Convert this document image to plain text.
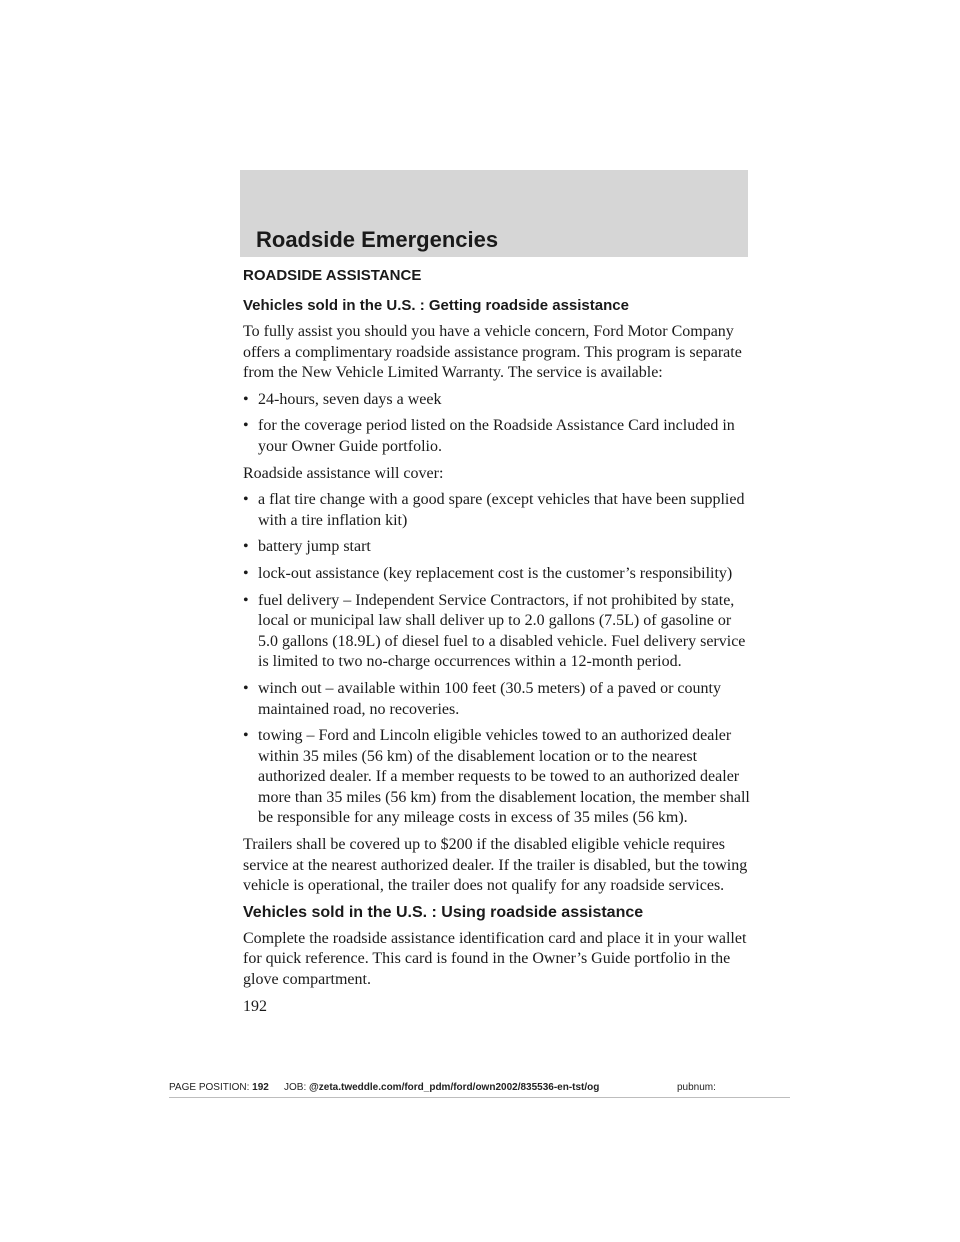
Roadside Emergencies
ROADSIDE ASSISTANCE
Vehicles sold in the U.S. : Getting roadside assistance

To fully assist you should you have a vehicle concern, Ford Motor Company offers a complimentary roadside assistance program. This program is separate from the New Vehicle Limited Warranty. The service is available:

• 24-hours, seven days a week
• for the coverage period listed on the Roadside Assistance Card included in your Owner Guide portfolio.

Roadside assistance will cover:

• a flat tire change with a good spare (except vehicles that have been supplied with a tire inflation kit)
• battery jump start
• lock-out assistance (key replacement cost is the customer’s responsibility)
• fuel delivery – Independent Service Contractors, if not prohibited by state, local or municipal law shall deliver up to 2.0 gallons (7.5L) of gasoline or 5.0 gallons (18.9L) of diesel fuel to a disabled vehicle. Fuel delivery service is limited to two no-charge occurrences within a 12-month period.
• winch out – available within 100 feet (30.5 meters) of a paved or county maintained road, no recoveries.
• towing – Ford and Lincoln eligible vehicles towed to an authorized dealer within 35 miles (56 km) of the disablement location or to the nearest authorized dealer. If a member requests to be towed to an authorized dealer more than 35 miles (56 km) from the disablement location, the member shall be responsible for any mileage costs in excess of 35 miles (56 km).

Trailers shall be covered up to $200 if the disabled eligible vehicle requires service at the nearest authorized dealer. If the trailer is disabled, but the towing vehicle is operational, the trailer does not qualify for any roadside services.

Vehicles sold in the U.S. : Using roadside assistance

Complete the roadside assistance identification card and place it in your wallet for quick reference. This card is found in the Owner’s Guide portfolio in the glove compartment.

192
PAGE POSITION: 192 JOB: @zeta.tweddle.com/ford_pdm/ford/own2002/835536-en-tst/og	pubnum:
